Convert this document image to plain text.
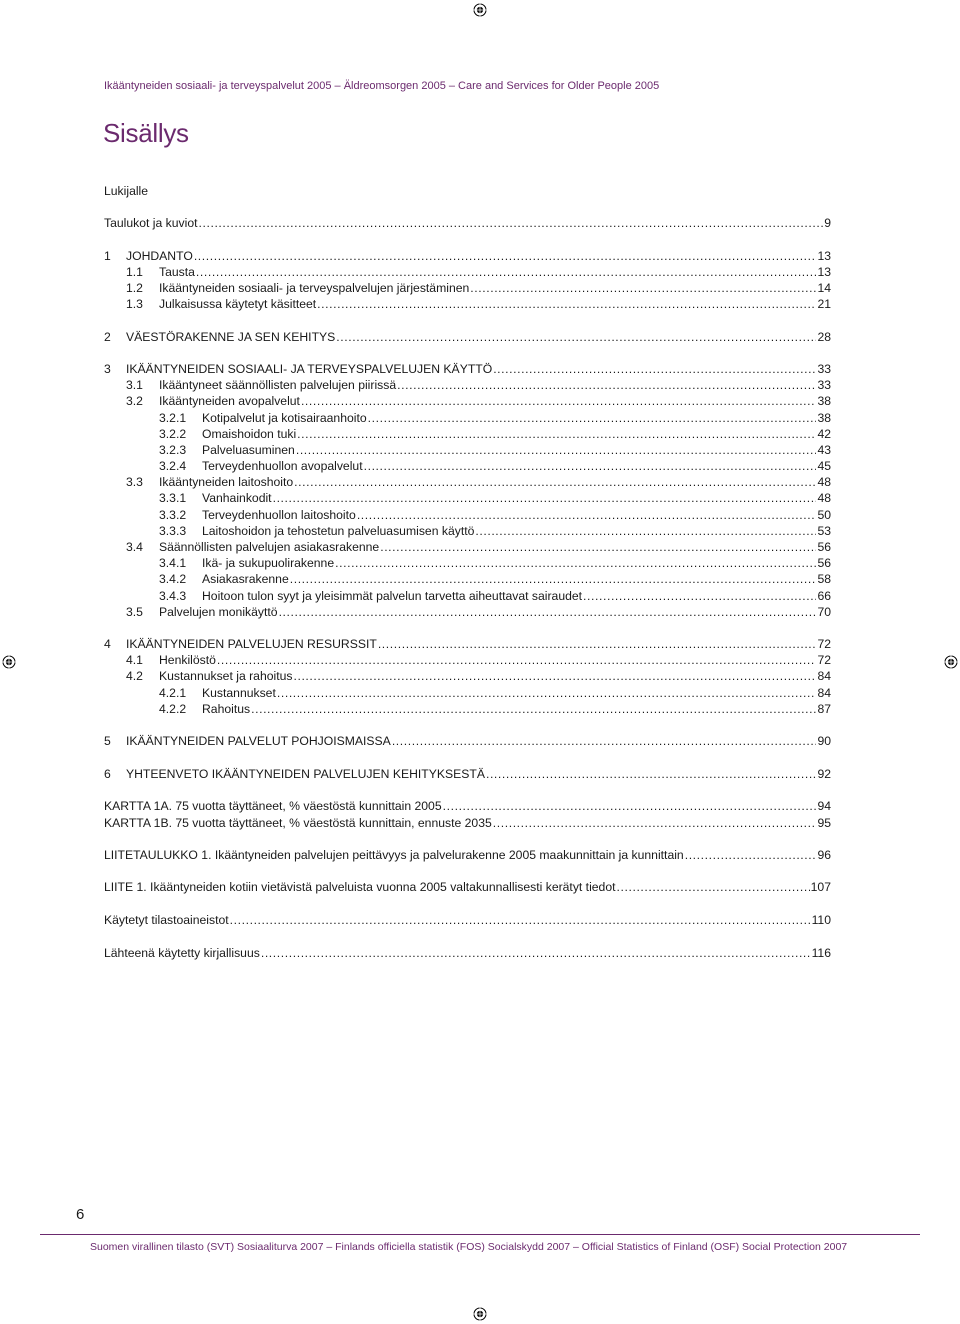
Ikääntyneiden sosiaali- ja terveyspalvelut 2005 – Äldreomsorgen 2005 – Care and Services for Older People 2005
Sisällys
Lukijalle
Taulukot ja kuviot .....	9
1	JOHDANTO .....	13
1.1	Tausta .....	13
1.2	Ikääntyneiden sosiaali- ja terveyspalvelujen järjestäminen .....	14
1.3	Julkaisussa käytetyt käsitteet .....	21
2	VÄESTÖRAKENNE JA SEN KEHITYS .....	28
3	IKÄÄNTYNEIDEN SOSIAALI- JA TERVEYSPALVELUJEN KÄYTTÖ .....	33
3.1	Ikääntyneet säännöllisten palvelujen piirissä .....	33
3.2	Ikääntyneiden avopalvelut .....	38
3.2.1	Kotipalvelut ja kotisairaanhoito .....	38
3.2.2	Omaishoidon tuki .....	42
3.2.3	Palveluasuminen .....	43
3.2.4	Terveydenhuollon avopalvelut .....	45
3.3	Ikääntyneiden laitoshoito .....	48
3.3.1	Vanhainkodit .....	48
3.3.2	Terveydenhuollon laitoshoito .....	50
3.3.3	Laitoshoidon ja tehostetun palveluasumisen käyttö .....	53
3.4	Säännöllisten palvelujen asiakasrakenne .....	56
3.4.1	Ikä- ja sukupuolirakenne .....	56
3.4.2	Asiakasrakenne .....	58
3.4.3	Hoitoon tulon syyt ja yleisimmät palvelun tarvetta aiheuttavat sairaudet .....	66
3.5	Palvelujen monikäyttö .....	70
4	IKÄÄNTYNEIDEN PALVELUJEN RESURSSIT .....	72
4.1	Henkilöstö .....	72
4.2	Kustannukset ja rahoitus .....	84
4.2.1	Kustannukset .....	84
4.2.2	Rahoitus .....	87
5	IKÄÄNTYNEIDEN PALVELUT POHJOISMAISSA .....	90
6	YHTEENVETO IKÄÄNTYNEIDEN PALVELUJEN KEHITYKSESTÄ .....	92
KARTTA 1A. 75 vuotta täyttäneet, % väestöstä kunnittain 2005 .....	94
KARTTA 1B. 75 vuotta täyttäneet, % väestöstä kunnittain, ennuste 2035 .....	95
LIITETAULUKKO 1. Ikääntyneiden palvelujen peittävyys ja palvelurakenne 2005 maakunnittain ja kunnittain .....	96
LIITE 1. Ikääntyneiden kotiin vietävistä palveluista vuonna 2005 valtakunnallisesti kerätyt tiedot .....	107
Käytetyt tilastoaineistot .....	110
Lähteenä käytetty kirjallisuus .....	116
6
Suomen virallinen tilasto (SVT) Sosiaaliturva 2007 – Finlands officiella statistik (FOS) Socialskydd 2007 – Official Statistics of Finland (OSF) Social Protection 2007
